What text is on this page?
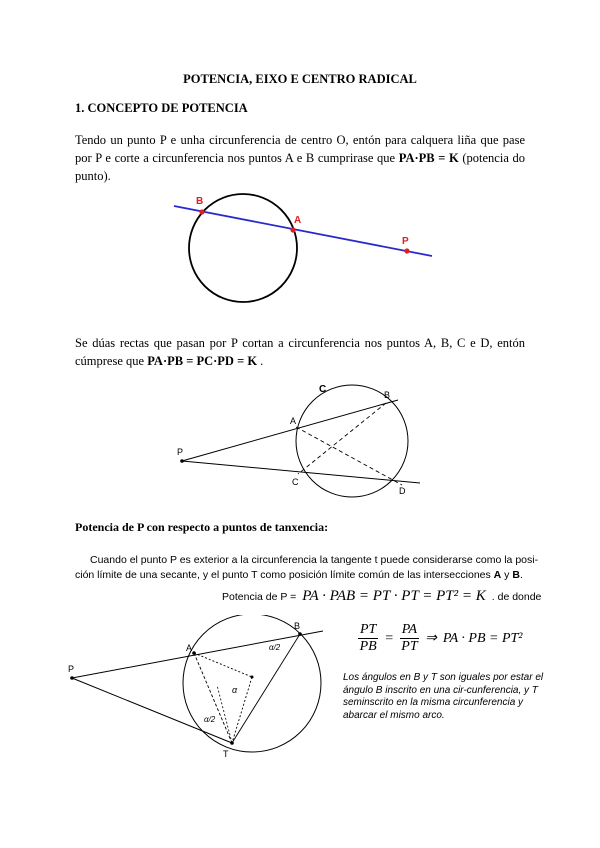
POTENCIA, EIXO E CENTRO RADICAL
1. CONCEPTO DE POTENCIA
Tendo un punto P e unha circunferencia de centro O, entón para calquera liña que pase por P e corte a circunferencia nos puntos A e B cumprirase que PA·PB = K (potencia do punto).
B
A
P
Se dúas rectas que pasan por P cortan a circunferencia nos puntos A, B, C e D, entón cúmprese que PA·PB = PC·PD = K .
C
A
B
P
C
D
Potencia de P con respecto a puntos de tanxencia:
Cuando el punto P es exterior a la circunferencia la tangente t puede considerarse como la posi-
ción límite de una secante, y el punto T como posición límite común de las intersecciones A y B.
Potencia de P = PA · PAB = PT · PT = PT² = K . de donde
P
A
B
T
α
α/2
α/2
$\frac{PT}{PB} = \frac{PA}{PT}$ ⇒ PA · PB = PT²
Los ángulos en B y T son iguales por estar el ángulo B inscrito en una cir-cunferencia, y T seminscrito en la misma circunferencia y abarcar el mismo arco.
